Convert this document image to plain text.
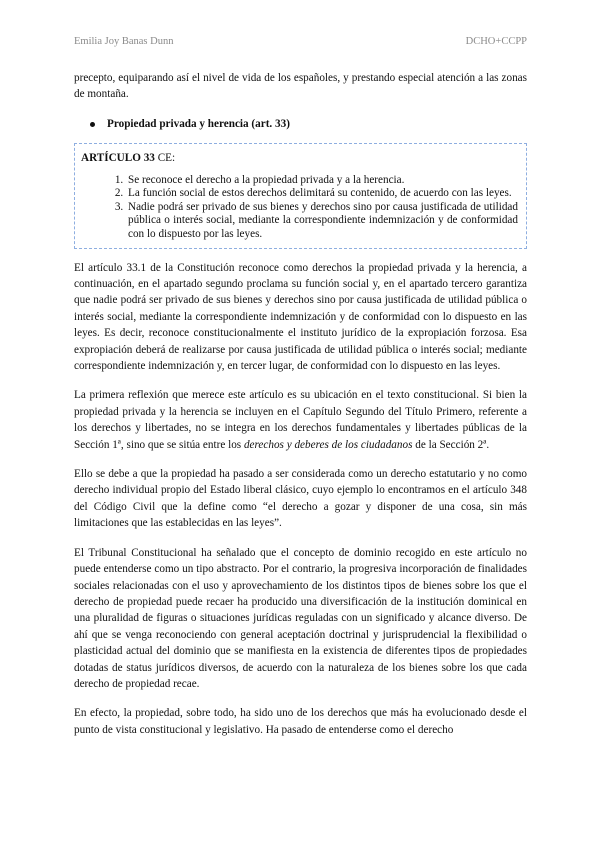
Emilia Joy Banas Dunn	DCHO+CCPP

precepto, equiparando así el nivel de vida de los españoles, y prestando especial atención a las zonas de montaña.

Propiedad privada y herencia (art. 33)
ARTÍCULO 33 CE:
1. Se reconoce el derecho a la propiedad privada y a la herencia.
2. La función social de estos derechos delimitará su contenido, de acuerdo con las leyes.
3. Nadie podrá ser privado de sus bienes y derechos sino por causa justificada de utilidad pública o interés social, mediante la correspondiente indemnización y de conformidad con lo dispuesto por las leyes.

El artículo 33.1 de la Constitución reconoce como derechos la propiedad privada y la herencia, a continuación, en el apartado segundo proclama su función social y, en el apartado tercero garantiza que nadie podrá ser privado de sus bienes y derechos sino por causa justificada de utilidad pública o interés social, mediante la correspondiente indemnización y de conformidad con lo dispuesto en las leyes. Es decir, reconoce constitucionalmente el instituto jurídico de la expropiación forzosa. Esa expropiación deberá de realizarse por causa justificada de utilidad pública o interés social; mediante correspondiente indemnización y, en tercer lugar, de conformidad con lo dispuesto en las leyes.

La primera reflexión que merece este artículo es su ubicación en el texto constitucional. Si bien la propiedad privada y la herencia se incluyen en el Capítulo Segundo del Título Primero, referente a los derechos y libertades, no se integra en los derechos fundamentales y libertades públicas de la Sección 1ª, sino que se sitúa entre los derechos y deberes de los ciudadanos de la Sección 2ª.

Ello se debe a que la propiedad ha pasado a ser considerada como un derecho estatutario y no como derecho individual propio del Estado liberal clásico, cuyo ejemplo lo encontramos en el artículo 348 del Código Civil que la define como “el derecho a gozar y disponer de una cosa, sin más limitaciones que las establecidas en las leyes”.

El Tribunal Constitucional ha señalado que el concepto de dominio recogido en este artículo no puede entenderse como un tipo abstracto. Por el contrario, la progresiva incorporación de finalidades sociales relacionadas con el uso y aprovechamiento de los distintos tipos de bienes sobre los que el derecho de propiedad puede recaer ha producido una diversificación de la institución dominical en una pluralidad de figuras o situaciones jurídicas reguladas con un significado y alcance diverso. De ahí que se venga reconociendo con general aceptación doctrinal y jurisprudencial la flexibilidad o plasticidad actual del dominio que se manifiesta en la existencia de diferentes tipos de propiedades dotadas de status jurídicos diversos, de acuerdo con la naturaleza de los bienes sobre los que cada derecho de propiedad recae.

En efecto, la propiedad, sobre todo, ha sido uno de los derechos que más ha evolucionado desde el punto de vista constitucional y legislativo. Ha pasado de entenderse como el derecho
